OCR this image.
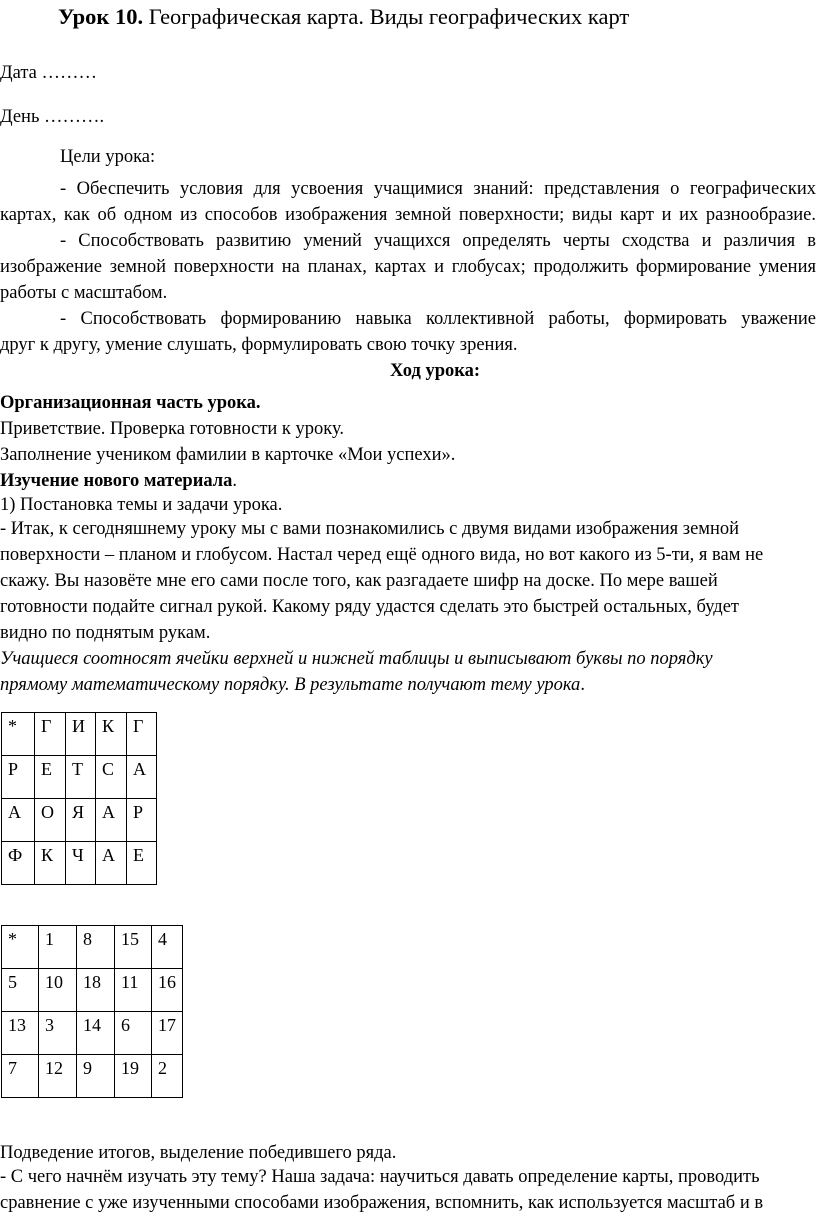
Урок 10. Географическая карта. Виды географических карт
Дата ………
День ……….
Цели урока:
- Обеспечить условия для усвоения учащимися знаний: представления о географических
картах, как об одном из способов изображения земной поверхности; виды карт и их разнообразие.
- Способствовать развитию умений учащихся определять черты сходства и различия в
изображение земной поверхности на планах, картах и глобусах; продолжить формирование умения
работы с масштабом.
- Способствовать формированию навыка коллективной работы, формировать уважение
друг к другу, умение слушать, формулировать свою точку зрения.
Ход урока:
Организационная часть урока.
Приветствие. Проверка готовности к уроку.
Заполнение учеником фамилии в карточке «Мои успехи».
Изучение нового материала.
1) Постановка темы и задачи урока.
- Итак, к сегодняшнему уроку мы с вами познакомились с двумя видами изображения земной
поверхности – планом и глобусом. Настал черед ещё одного вида, но вот какого из 5-ти, я вам не
скажу. Вы назовёте мне его сами после того, как разгадаете шифр на доске. По мере вашей
готовности подайте сигнал рукой. Какому ряду удастся сделать это быстрей остальных, будет
видно по поднятым рукам.
Учащиеся соотносят ячейки верхней и нижней таблицы и выписывают буквы по порядку
прямому математическому порядку. В результате получают тему урока.
*	Г	И	К	Г
Р	Е	Т	С	А
А	О	Я	А	Р
Ф	К	Ч	А	Е
*	1	8	15	4
5	10	18	11	16
13	3	14	6	17
7	12	9	19	2
Подведение итогов, выделение победившего ряда.
- С чего начнём изучать эту тему? Наша задача: научиться давать определение карты, проводить
сравнение с уже изученными способами изображения, вспомнить, как используется масштаб и в
